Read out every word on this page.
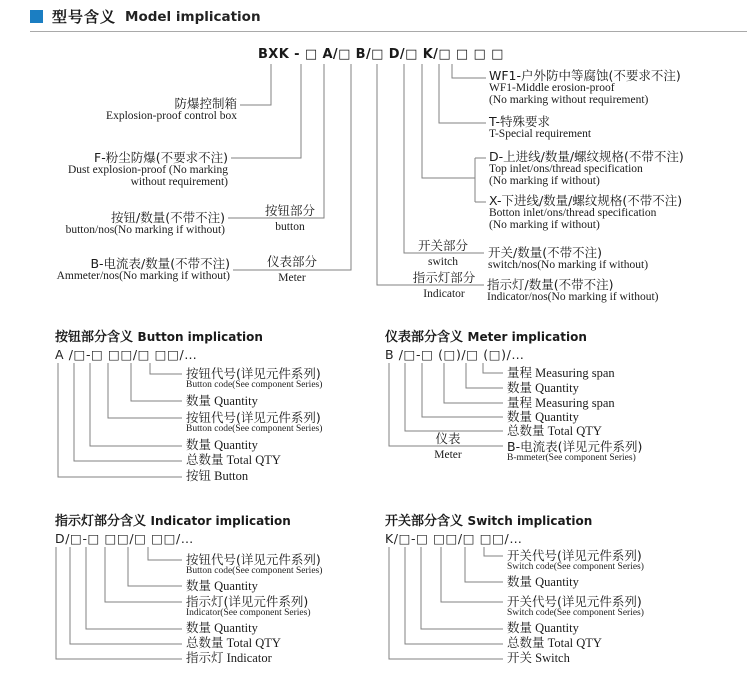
型号含义 Model implication
BXK - □ A/□ B/□ D/□ K/□ □ □ □
防爆控制箱
Explosion-proof control box
F-粉尘防爆(不要求不注)
Dust explosion-proof (No marking
without requirement)
按钮/数量(不带不注)
button/nos(No marking if without)
B-电流表/数量(不带不注)
Ammeter/nos(No marking if without)
按钮部分
button
仪表部分
Meter
开关部分
switch
指示灯部分
Indicator
WF1-户外防中等腐蚀(不要求不注)
WF1-Middle erosion-proof
(No marking without requirement)
T-特殊要求
T-Special requirement
D-上进线/数量/螺纹规格(不带不注)
Top inlet/ons/thread specification
(No marking if without)
X-下进线/数量/螺纹规格(不带不注)
Botton inlet/ons/thread specification
(No marking if without)
开关/数量(不带不注)
switch/nos(No marking if without)
指示灯/数量(不带不注)
Indicator/nos(No marking if without)
按钮部分含义 Button implication
A /□-□ □□/□ □□/…
按钮代号(详见元件系列)
Button code(See component Series)
数量 Quantity
按钮代号(详见元件系列)
Button code(See component Series)
数量 Quantity
总数量 Total QTY
按钮 Button
仪表部分含义 Meter implication
B /□-□ (□)/□ (□)/…
量程 Measuring span
数量 Quantity
量程 Measuring span
数量 Quantity
总数量 Total QTY
仪表
Meter
B-电流表(详见元件系列)
B-mmeter(See component Series)
指示灯部分含义 Indicator implication
D/□-□ □□/□ □□/…
按钮代号(详见元件系列)
Button code(See component Series)
数量 Quantity
指示灯(详见元件系列)
Indicator(See component Series)
数量 Quantity
总数量 Total QTY
指示灯 Indicator
开关部分含义 Switch implication
K/□-□ □□/□ □□/…
开关代号(详见元件系列)
Switch code(See component Series)
数量 Quantity
开关代号(详见元件系列)
Switch code(See component Series)
数量 Quantity
总数量 Total QTY
开关 Switch
